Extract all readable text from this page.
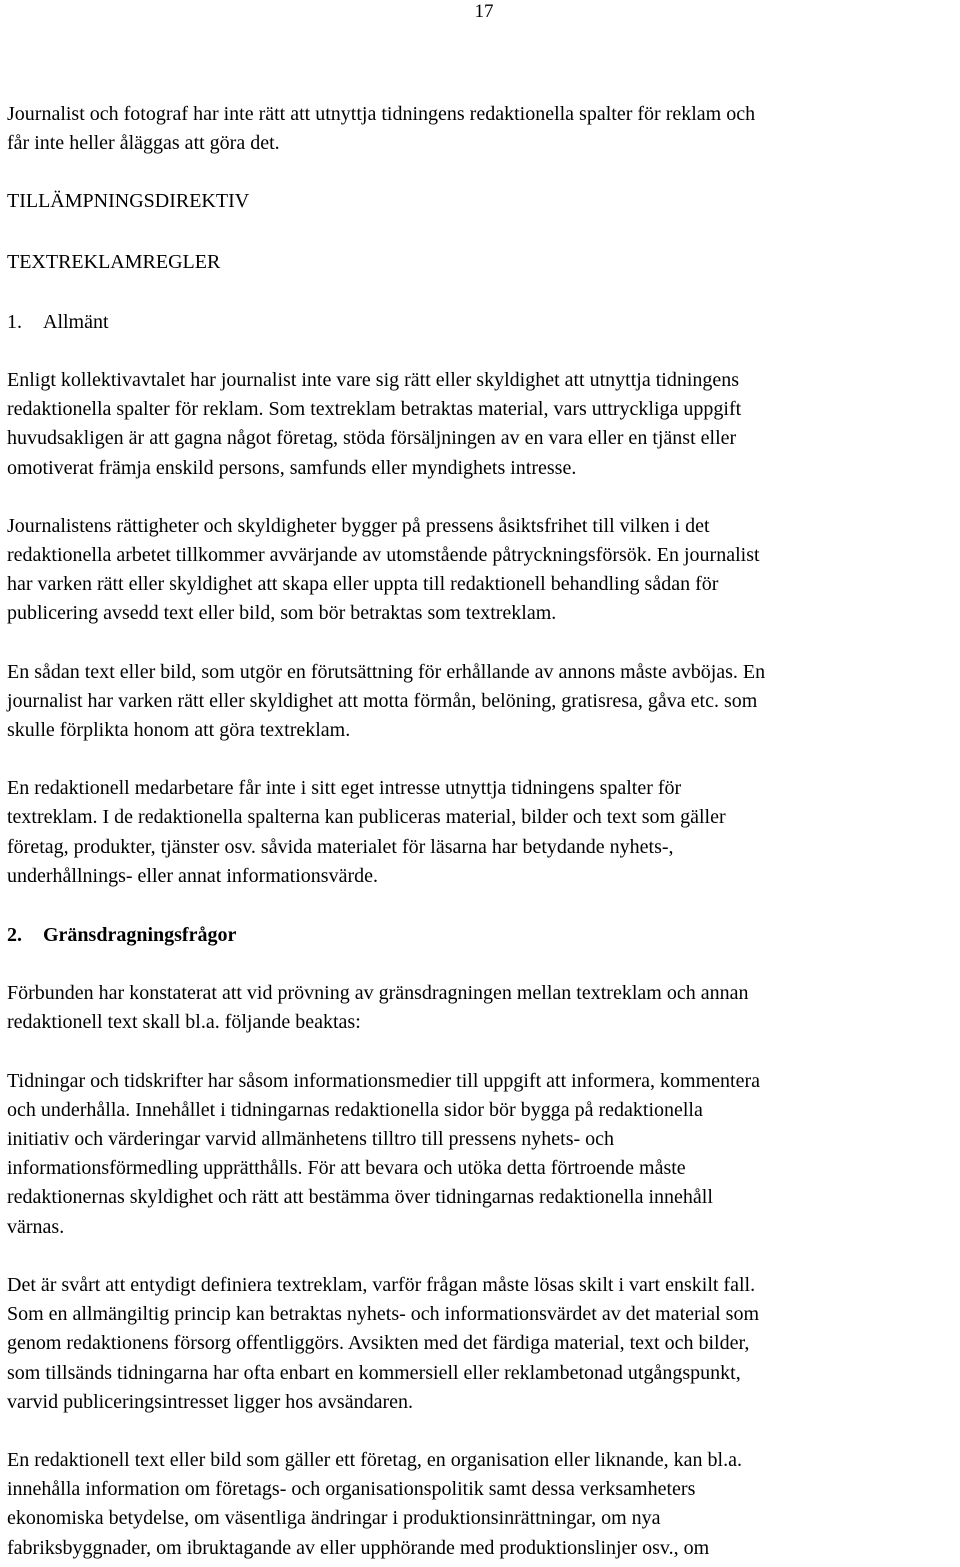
17
Journalist och fotograf har inte rätt att utnyttja tidningens redaktionella spalter för reklam och
får inte heller åläggas att göra det.
TILLÄMPNINGSDIREKTIV
TEXTREKLAMREGLER
1. Allmänt
Enligt kollektivavtalet har journalist inte vare sig rätt eller skyldighet att utnyttja tidningens
redaktionella spalter för reklam. Som textreklam betraktas material, vars uttryckliga uppgift
huvudsakligen är att gagna något företag, stöda försäljningen av en vara eller en tjänst eller
omotiverat främja enskild persons, samfunds eller myndighets intresse.
Journalistens rättigheter och skyldigheter bygger på pressens åsiktsfrihet till vilken i det
redaktionella arbetet tillkommer avvärjande av utomstående påtryckningsförsök. En journalist
har varken rätt eller skyldighet att skapa eller uppta till redaktionell behandling sådan för
publicering avsedd text eller bild, som bör betraktas som textreklam.
En sådan text eller bild, som utgör en förutsättning för erhållande av annons måste avböjas. En
journalist har varken rätt eller skyldighet att motta förmån, belöning, gratisresa, gåva etc. som
skulle förplikta honom att göra textreklam.
En redaktionell medarbetare får inte i sitt eget intresse utnyttja tidningens spalter för
textreklam. I de redaktionella spalterna kan publiceras material, bilder och text som gäller
företag, produkter, tjänster osv. såvida materialet för läsarna har betydande nyhets-,
underhållnings- eller annat informationsvärde.
2. Gränsdragningsfrågor
Förbunden har konstaterat att vid prövning av gränsdragningen mellan textreklam och annan
redaktionell text skall bl.a. följande beaktas:
Tidningar och tidskrifter har såsom informationsmedier till uppgift att informera, kommentera
och underhålla. Innehållet i tidningarnas redaktionella sidor bör bygga på redaktionella
initiativ och värderingar varvid allmänhetens tilltro till pressens nyhets- och
informationsförmedling upprätthålls. För att bevara och utöka detta förtroende måste
redaktionernas skyldighet och rätt att bestämma över tidningarnas redaktionella innehåll
värnas.
Det är svårt att entydigt definiera textreklam, varför frågan måste lösas skilt i vart enskilt fall.
Som en allmängiltig princip kan betraktas nyhets- och informationsvärdet av det material som
genom redaktionens försorg offentliggörs. Avsikten med det färdiga material, text och bilder,
som tillsänds tidningarna har ofta enbart en kommersiell eller reklambetonad utgångspunkt,
varvid publiceringsintresset ligger hos avsändaren.
En redaktionell text eller bild som gäller ett företag, en organisation eller liknande, kan bl.a.
innehålla information om företags- och organisationspolitik samt dessa verksamheters
ekonomiska betydelse, om väsentliga ändringar i produktionsinrättningar, om nya
fabriksbyggnader, om ibruktagande av eller upphörande med produktionslinjer osv., om
